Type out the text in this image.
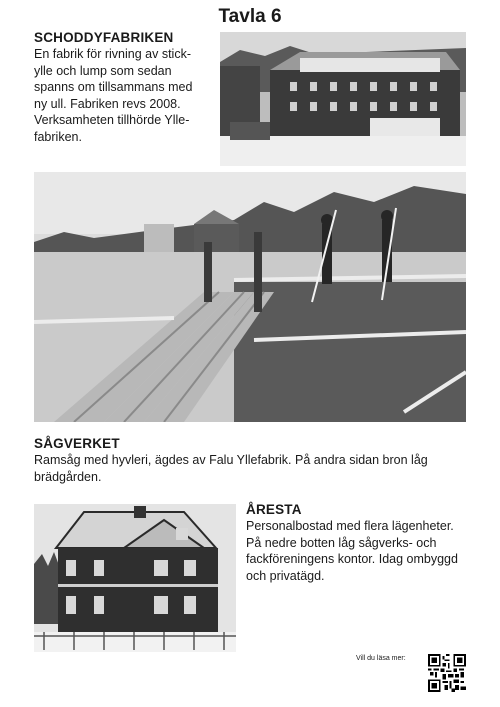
Tavla 6
SCHODDYFABRIKEN
En fabrik för rivning av stick-
ylle och lump som sedan
spanns om tillsammans med
ny ull. Fabriken revs 2008.
Verksamheten tillhörde Ylle-
fabriken.
SÅGVERKET
Ramsåg med hyvleri, ägdes av Falu Yllefabrik. På andra sidan bron låg
brädgården.
ÅRESTA
Personalbostad med flera lägenheter.
På nedre botten låg sågverks- och
fackföreningens kontor. Idag ombyggd
och privatägd.
Vill du läsa mer:
